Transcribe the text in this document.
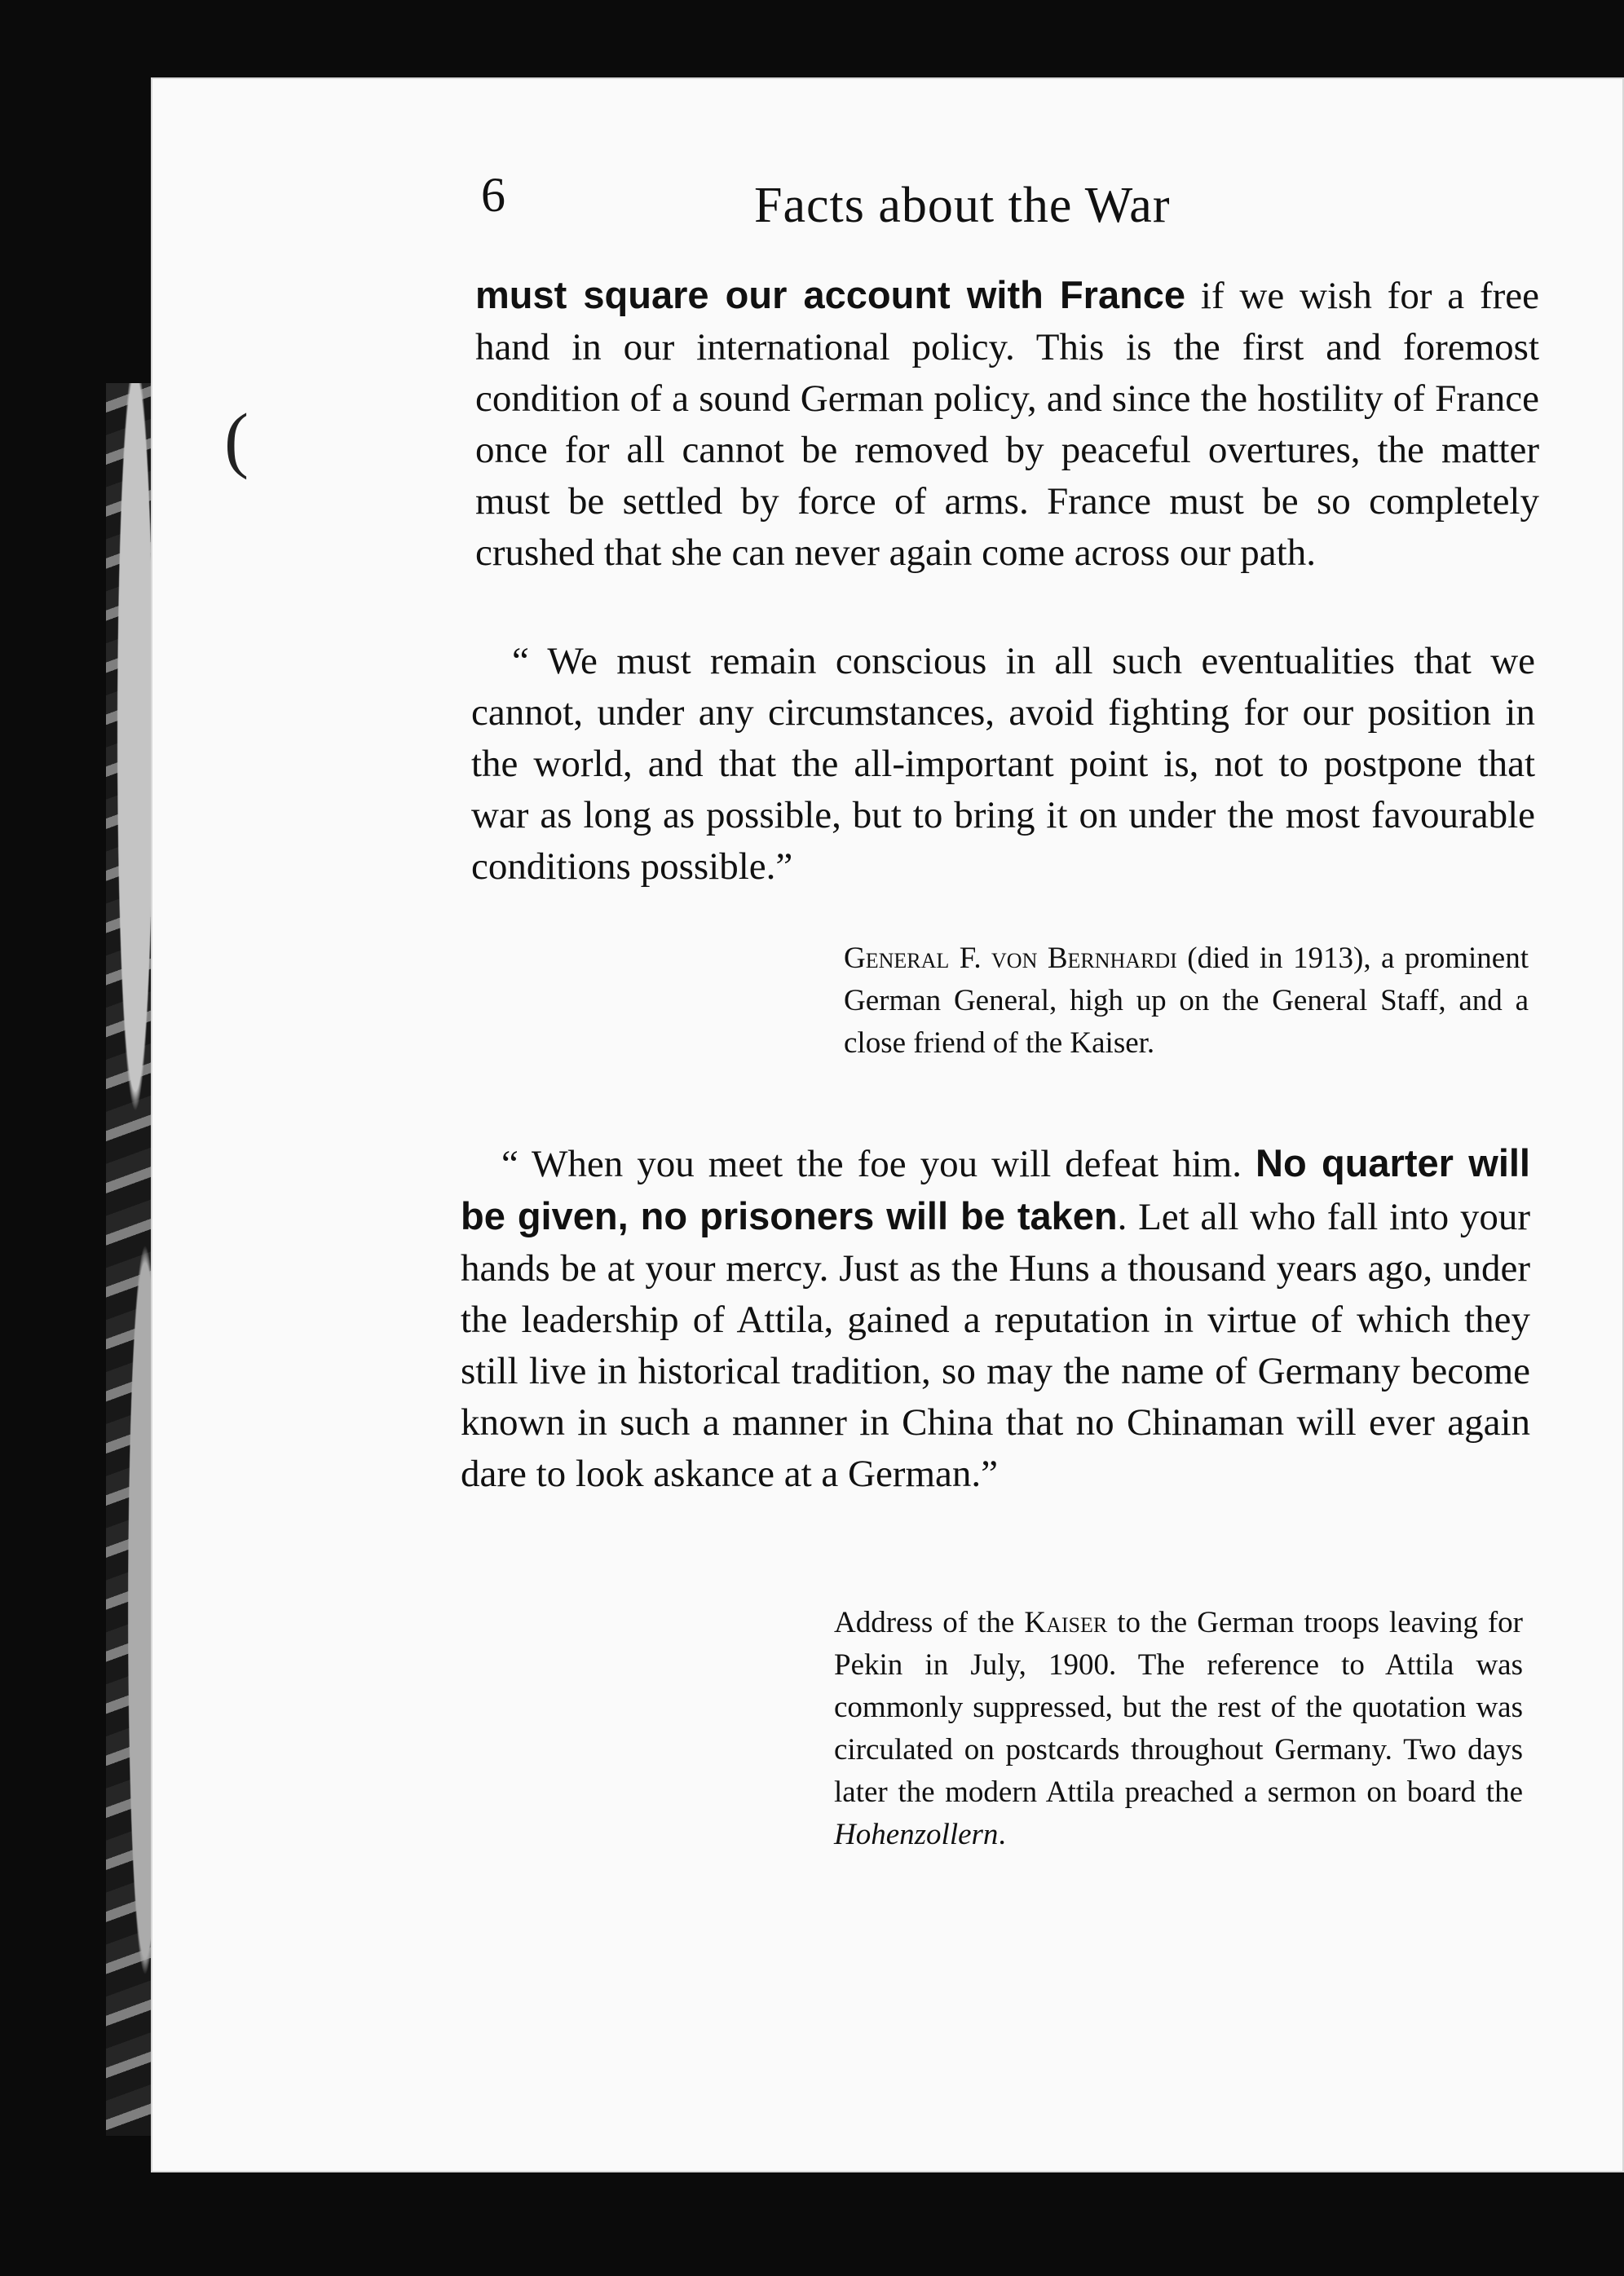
(
6	Facts about the War

must square our account with France if we wish for a free hand in our international policy. This is the first and foremost condition of a sound German policy, and since the hostility of France once for all cannot be removed by peaceful overtures, the matter must be settled by force of arms. France must be so completely crushed that she can never again come across our path.

“ We must remain conscious in all such eventualities that we cannot, under any circumstances, avoid fighting for our position in the world, and that the all-important point is, not to postpone that war as long as possible, but to bring it on under the most favourable conditions possible.”

General F. von Bernhardi (died in 1913), a prominent German General, high up on the General Staff, and a close friend of the Kaiser.

“ When you meet the foe you will defeat him. No quarter will be given, no prisoners will be taken. Let all who fall into your hands be at your mercy. Just as the Huns a thousand years ago, under the leadership of Attila, gained a reputation in virtue of which they still live in historical tradition, so may the name of Germany become known in such a manner in China that no Chinaman will ever again dare to look askance at a German.”

Address of the Kaiser to the German troops leaving for Pekin in July, 1900. The reference to Attila was commonly suppressed, but the rest of the quotation was circulated on postcards throughout Germany. Two days later the modern Attila preached a sermon on board the Hohenzollern.
